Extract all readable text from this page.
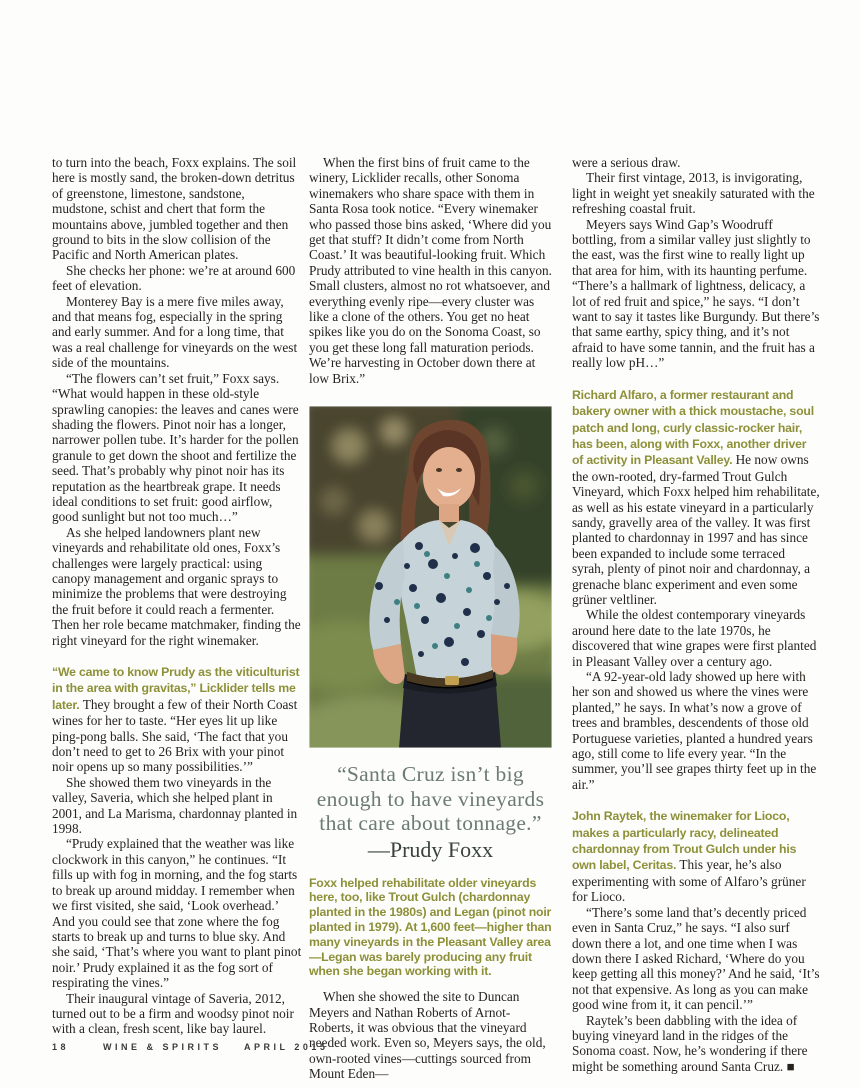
to turn into the beach, Foxx explains. The soil here is mostly sand, the broken-down detritus of greenstone, limestone, sandstone, mudstone, schist and chert that form the mountains above, jumbled together and then ground to bits in the slow collision of the Pacific and North American plates.

She checks her phone: we’re at around 600 feet of elevation.

Monterey Bay is a mere five miles away, and that means fog, especially in the spring and early summer. And for a long time, that was a real challenge for vineyards on the west side of the mountains.

“The flowers can’t set fruit,” Foxx says. “What would happen in these old-style sprawling canopies: the leaves and canes were shading the flowers. Pinot noir has a longer, narrower pollen tube. It’s harder for the pollen granule to get down the shoot and fertilize the seed. That’s probably why pinot noir has its reputation as the heartbreak grape. It needs ideal conditions to set fruit: good airflow, good sunlight but not too much…”

As she helped landowners plant new vineyards and rehabilitate old ones, Foxx’s challenges were largely practical: using canopy management and organic sprays to minimize the problems that were destroying the fruit before it could reach a fermenter. Then her role became matchmaker, finding the right vineyard for the right winemaker.

“We came to know Prudy as the viticulturist in the area with gravitas,” Licklider tells me later. They brought a few of their North Coast wines for her to taste. “Her eyes lit up like ping-pong balls. She said, ‘The fact that you don’t need to get to 26 Brix with your pinot noir opens up so many possibilities.’”

She showed them two vineyards in the valley, Saveria, which she helped plant in 2001, and La Marisma, chardonnay planted in 1998.

“Prudy explained that the weather was like clockwork in this canyon,” he continues. “It fills up with fog in morning, and the fog starts to break up around midday. I remember when we first visited, she said, ‘Look overhead.’ And you could see that zone where the fog starts to break up and turns to blue sky. And she said, ‘That’s where you want to plant pinot noir.’ Prudy explained it as the fog sort of respirating the vines.”

Their inaugural vintage of Saveria, 2012, turned out to be a firm and woodsy pinot noir with a clean, fresh scent, like bay laurel.

When the first bins of fruit came to the winery, Licklider recalls, other Sonoma winemakers who share space with them in Santa Rosa took notice. “Every winemaker who passed those bins asked, ‘Where did you get that stuff? It didn’t come from North Coast.’ It was beautiful-looking fruit. Which Prudy attributed to vine health in this canyon. Small clusters, almost no rot whatsoever, and everything evenly ripe—every cluster was like a clone of the others. You get no heat spikes like you do on the Sonoma Coast, so you get these long fall maturation periods. We’re harvesting in October down there at low Brix.”

“Santa Cruz isn’t big enough to have vineyards that care about tonnage.”
—Prudy Foxx
Foxx helped rehabilitate older vineyards here, too, like Trout Gulch (chardonnay planted in the 1980s) and Legan (pinot noir planted in 1979). At 1,600 feet—higher than many vineyards in the Pleasant Valley area—Legan was barely producing any fruit when she began working with it.

When she showed the site to Duncan Meyers and Nathan Roberts of Arnot-Roberts, it was obvious that the vineyard needed work. Even so, Meyers says, the old, own-rooted vines—cuttings sourced from Mount Eden—

were a serious draw.

Their first vintage, 2013, is invigorating, light in weight yet sneakily saturated with the refreshing coastal fruit.

Meyers says Wind Gap’s Woodruff bottling, from a similar valley just slightly to the east, was the first wine to really light up that area for him, with its haunting perfume. “There’s a hallmark of lightness, delicacy, a lot of red fruit and spice,” he says. “I don’t want to say it tastes like Burgundy. But there’s that same earthy, spicy thing, and it’s not afraid to have some tannin, and the fruit has a really low pH…”

Richard Alfaro, a former restaurant and bakery owner with a thick moustache, soul patch and long, curly classic-rocker hair, has been, along with Foxx, another driver of activity in Pleasant Valley. He now owns the own-rooted, dry-farmed Trout Gulch Vineyard, which Foxx helped him rehabilitate, as well as his estate vineyard in a particularly sandy, gravelly area of the valley. It was first planted to chardonnay in 1997 and has since been expanded to include some terraced syrah, plenty of pinot noir and chardonnay, a grenache blanc experiment and even some grüner veltliner.

While the oldest contemporary vineyards around here date to the late 1970s, he discovered that wine grapes were first planted in Pleasant Valley over a century ago.

“A 92-year-old lady showed up here with her son and showed us where the vines were planted,” he says. In what’s now a grove of trees and brambles, descendents of those old Portuguese varieties, planted a hundred years ago, still come to life every year. “In the summer, you’ll see grapes thirty feet up in the air.”

John Raytek, the winemaker for Lioco, makes a particularly racy, delineated chardonnay from Trout Gulch under his own label, Ceritas. This year, he’s also experimenting with some of Alfaro’s grüner for Lioco.

“There’s some land that’s decently priced even in Santa Cruz,” he says. “I also surf down there a lot, and one time when I was down there I asked Richard, ‘Where do you keep getting all this money?’ And he said, ‘It’s not that expensive. As long as you can make good wine from it, it can pencil.’”

Raytek’s been dabbling with the idea of buying vineyard land in the ridges of the Sonoma coast. Now, he’s wondering if there might be something around Santa Cruz. ■

18	WINE & SPIRITS APRIL 2015
